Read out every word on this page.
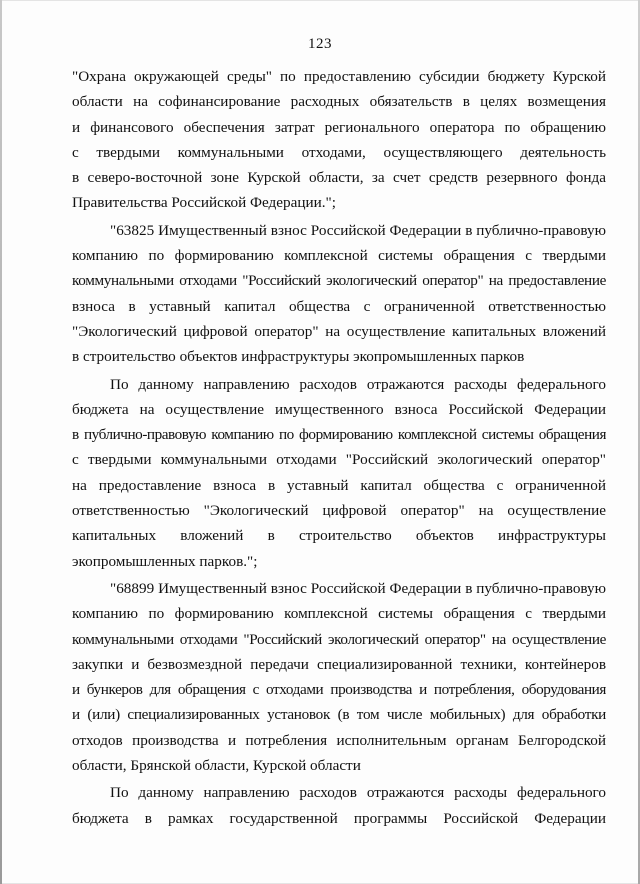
123
"Охрана окружающей среды" по предоставлению субсидии бюджету Курской
области на софинансирование расходных обязательств в целях возмещения
и финансового обеспечения затрат регионального оператора по обращению
с твердыми коммунальными отходами, осуществляющего деятельность
в северо-восточной зоне Курской области, за счет средств резервного фонда
Правительства Российской Федерации.";
"63825 Имущественный взнос Российской Федерации в публично-правовую
компанию по формированию комплексной системы обращения с твердыми
коммунальными отходами "Российский экологический оператор" на предоставление
взноса в уставный капитал общества с ограниченной ответственностью
"Экологический цифровой оператор" на осуществление капитальных вложений
в строительство объектов инфраструктуры экопромышленных парков
По данному направлению расходов отражаются расходы федерального
бюджета на осуществление имущественного взноса Российской Федерации
в публично-правовую компанию по формированию комплексной системы обращения
с твердыми коммунальными отходами "Российский экологический оператор"
на предоставление взноса в уставный капитал общества с ограниченной
ответственностью "Экологический цифровой оператор" на осуществление
капитальных вложений в строительство объектов инфраструктуры
экопромышленных парков.";
"68899 Имущественный взнос Российской Федерации в публично-правовую
компанию по формированию комплексной системы обращения с твердыми
коммунальными отходами "Российский экологический оператор" на осуществление
закупки и безвозмездной передачи специализированной техники, контейнеров
и бункеров для обращения с отходами производства и потребления, оборудования
и (или) специализированных установок (в том числе мобильных) для обработки
отходов производства и потребления исполнительным органам Белгородской
области, Брянской области, Курской области
По данному направлению расходов отражаются расходы федерального
бюджета в рамках государственной программы Российской Федерации
